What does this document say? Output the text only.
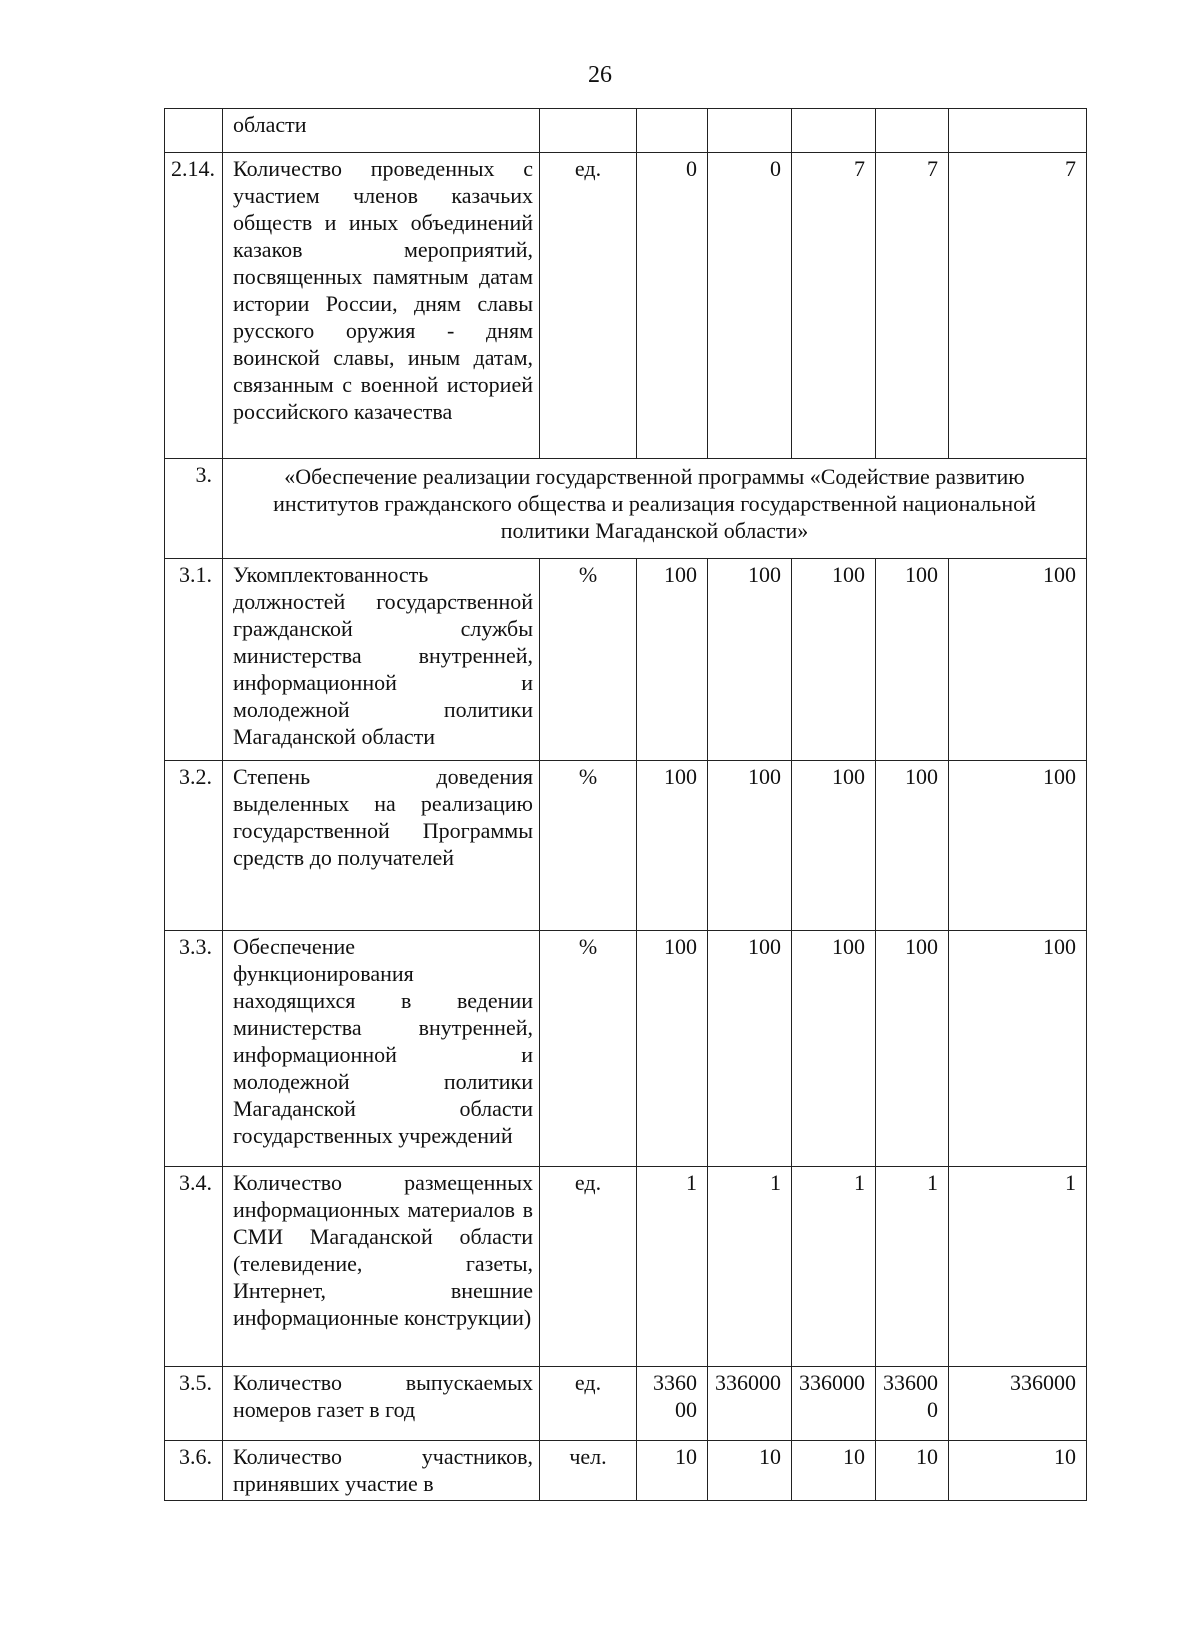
26
	области						
2.14.	Количество проведенных с участием членов казачьих обществ и иных объединений казаков мероприятий, посвященных памятным датам истории России, дням славы русского оружия - дням воинской славы, иным датам, связанным с военной историей российского казачества	ед.	0	0	7	7	7
3.	«Обеспечение реализации государственной программы «Содействие развитию институтов гражданского общества и реализация государственной национальной политики Магаданской области»						
3.1.	Укомплектованность должностей государственной гражданской службы министерства внутренней, информационной и молодежной политики Магаданской области	%	100	100	100	100	100
3.2.	Степень доведения выделенных на реализацию государственной Программы средств до получателей	%	100	100	100	100	100
3.3.	Обеспечение функционирования находящихся в ведении министерства внутренней, информационной и молодежной политики Магаданской области государственных учреждений	%	100	100	100	100	100
3.4.	Количество размещенных информационных материалов в СМИ Магаданской области (телевидение, газеты, Интернет, внешние информационные конструкции)	ед.	1	1	1	1	1
3.5.	Количество выпускаемых номеров газет в год	ед.	336000	336000	336000	336000	336000
3.6.	Количество участников, принявших участие в	чел.	10	10	10	10	10
